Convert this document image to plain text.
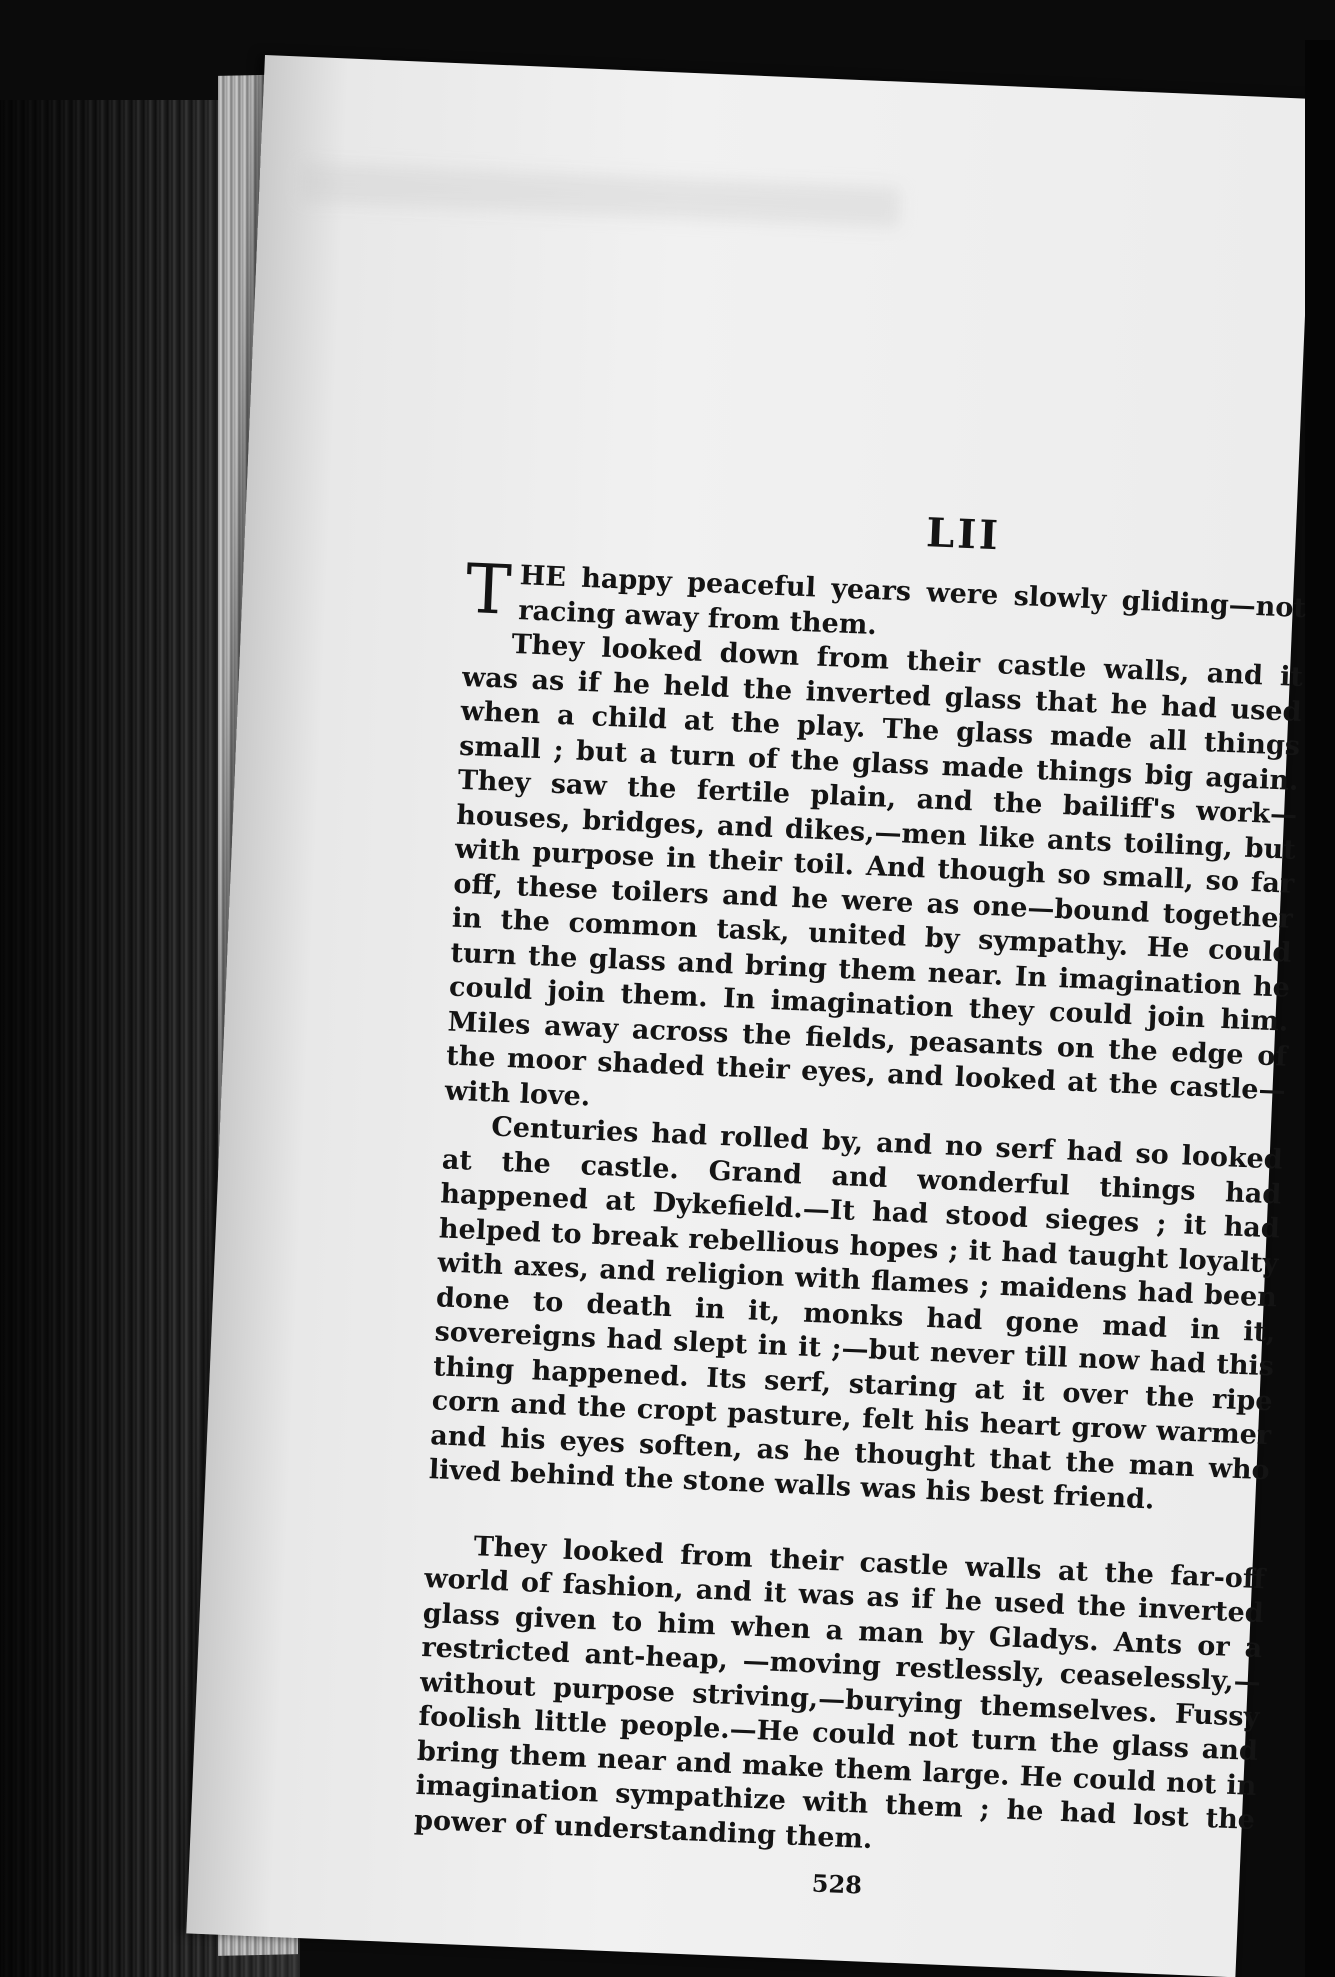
LII

THE happy peaceful years were slowly gliding—not racing away from them.

They looked down from their castle walls, and it was as if he held the inverted glass that he had used when a child at the play. The glass made all things small ; but a turn of the glass made things big again. They saw the fertile plain, and the bailiff's work—houses, bridges, and dikes,—men like ants toiling, but with purpose in their toil. And though so small, so far off, these toilers and he were as one—bound together in the common task, united by sympathy. He could turn the glass and bring them near. In imagination he could join them. In imagination they could join him. Miles away across the fields, peasants on the edge of the moor shaded their eyes, and looked at the castle—with love.

Centuries had rolled by, and no serf had so looked at the castle. Grand and wonderful things had happened at Dykefield.—It had stood sieges ; it had helped to break rebellious hopes ; it had taught loyalty with axes, and religion with flames ; maidens had been done to death in it, monks had gone mad in it, sovereigns had slept in it ;—but never till now had this thing happened. Its serf, staring at it over the ripe corn and the cropt pasture, felt his heart grow warmer and his eyes soften, as he thought that the man who lived behind the stone walls was his best friend.

They looked from their castle walls at the far-off world of fashion, and it was as if he used the inverted glass given to him when a man by Gladys. Ants or a restricted ant-heap, —moving restlessly, ceaselessly,—without purpose striving,—burying themselves. Fussy foolish little people.—He could not turn the glass and bring them near and make them large. He could not in imagination sympathize with them ; he had lost the power of understanding them.

528
